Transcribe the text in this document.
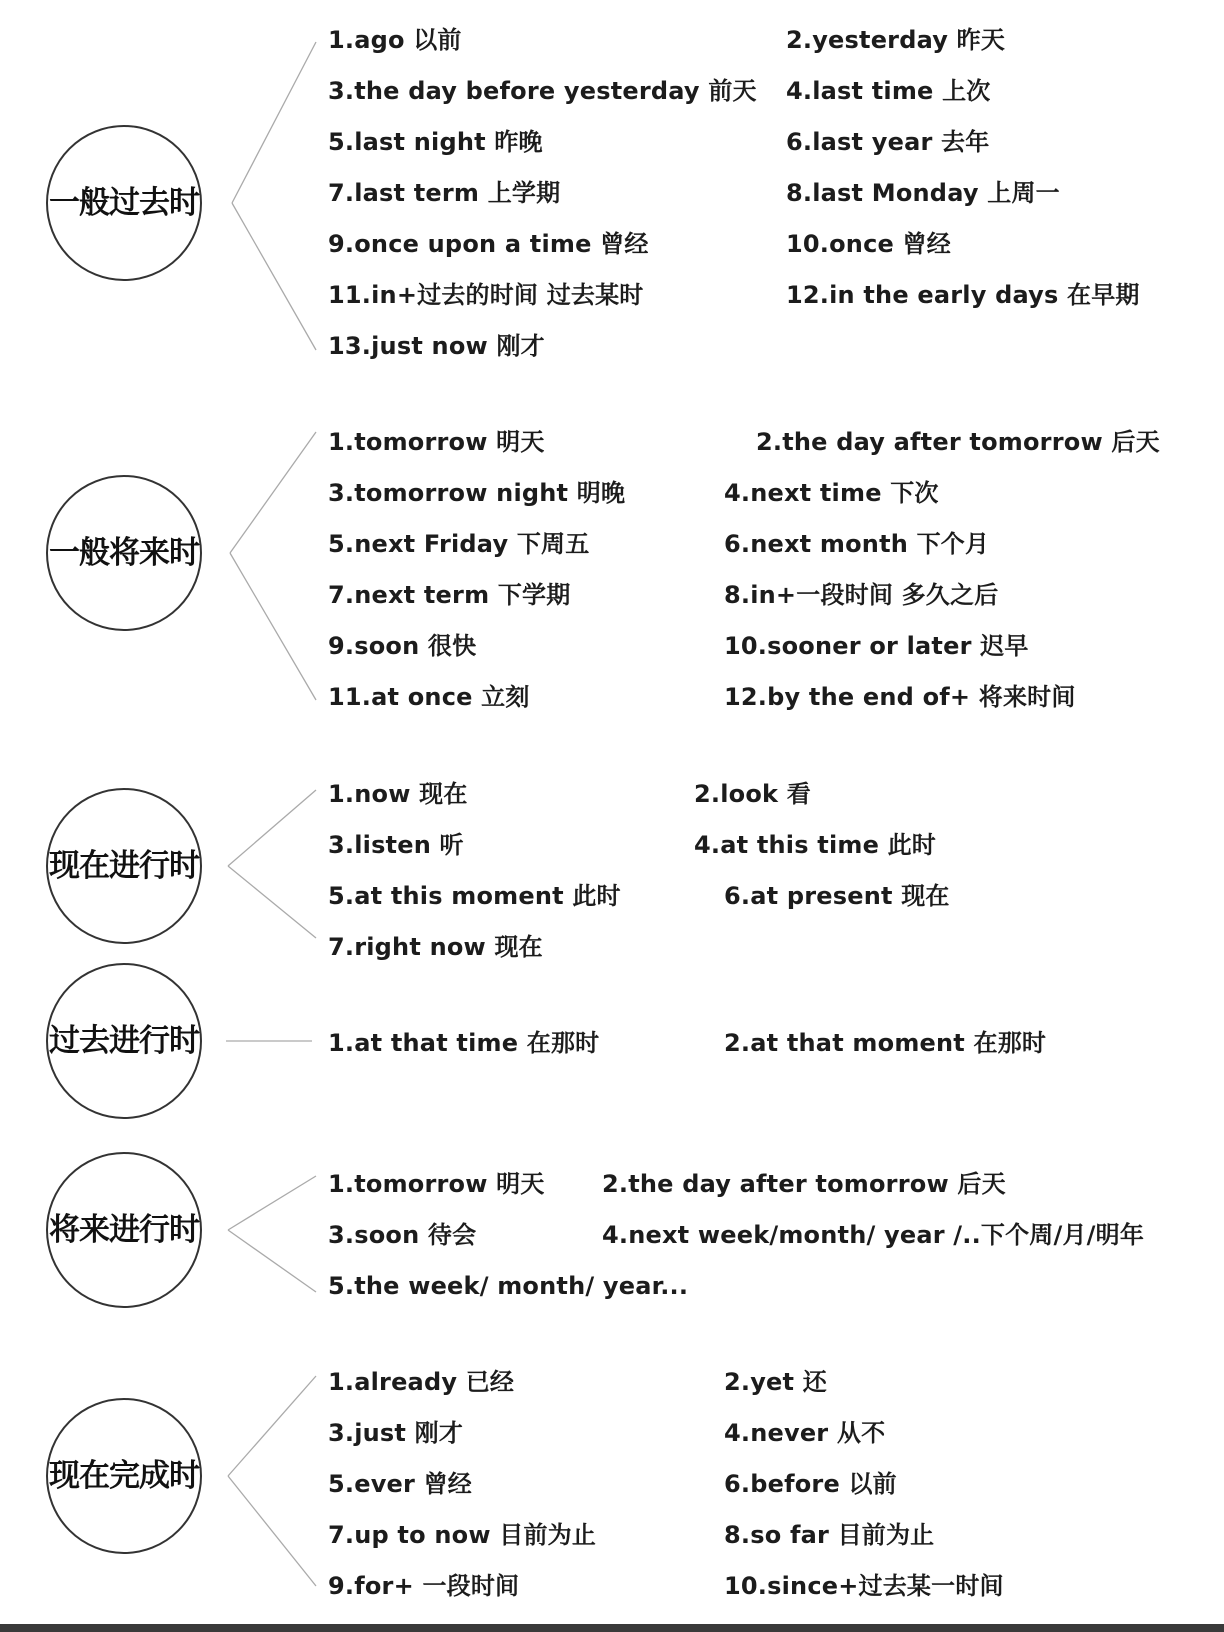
一般过去时
1.ago 以前	2.yesterday 昨天
3.the day before yesterday 前天 4.last time 上次
5.last night 昨晚	6.last year 去年
7.last term 上学期	8.last Monday 上周一
9.once upon a time 曾经	10.once 曾经
11.in+过去的时间 过去某时	12.in the early days 在早期
13.just now 刚才
一般将来时
1.tomorrow 明天	2.the day after tomorrow 后天
3.tomorrow night 明晚	4.next time 下次
5.next Friday 下周五	6.next month 下个月
7.next term 下学期	8.in+一段时间 多久之后
9.soon 很快	10.sooner or later 迟早
11.at once 立刻	12.by the end of+ 将来时间
现在进行时
1.now 现在	2.look 看
3.listen 听	4.at this time 此时
5.at this moment 此时	6.at present 现在
7.right now 现在
过去进行时	1.at that time 在那时	2.at that moment 在那时
将来进行时
1.tomorrow 明天 2.the day after tomorrow 后天
3.soon 待会	4.next week/month/ year /..下个周/月/明年
5.the week/ month/ year...
现在完成时
1.already 已经	2.yet 还
3.just 刚才	4.never 从不
5.ever 曾经	6.before 以前
7.up to now 目前为止	8.so far 目前为止
9.for+ 一段时间	10.since+过去某一时间
